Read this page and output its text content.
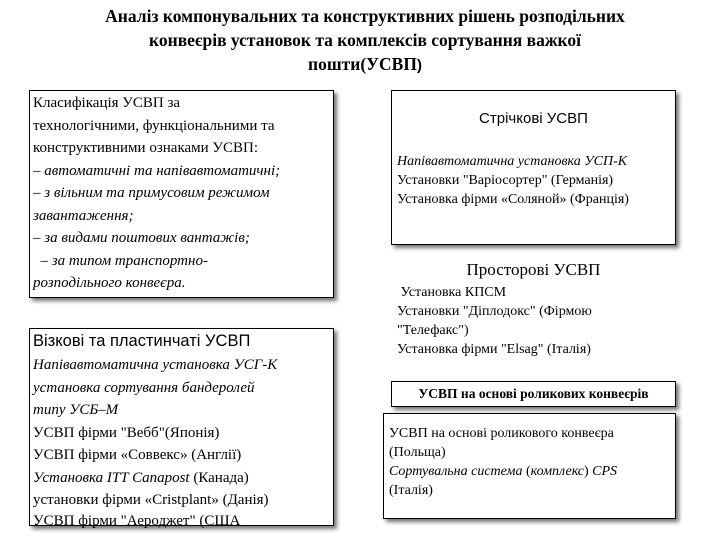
Аналіз компонувальних та конструктивних рішень розподільних
конвеєрів установок та комплексів сортування важкої
пошти(УСВП)
Класифікація УСВП за
технологічними, функціональними та
конструктивними ознаками УСВП:
– автоматичні та напівавтоматичні;
– з вільним та примусовим режимом
завантаження;
– за видами поштових вантажів;
– за типом транспортно-
розподільного конвеєра.
Візкові та пластинчаті УСВП
Напівавтоматична установка УСГ-К
установка сортування бандеролей
типу УСБ–М
УСВП фірми "Вебб"(Японія)
УСВП фірми «Соввекс» (Англії)
Установка ITT Canapost (Канада)
установки фірми «Cristplant» (Данія)
УСВП фірми "Аероджет" (США
Стрічкові УСВП
Напівавтоматична установка УСП-К
Установки "Варіосортер" (Германія)
Установка фірми «Соляной» (Франція)
Просторові УСВП
Установка КПСМ
Установки "Діплодокс" (Фірмою
"Телефакс")
Установка фірми "Elsag" (Італія)
УСВП на основі роликових конвеєрів
УСВП на основі роликового конвеєра
(Польща)
Сортувальна система (комплекс) CPS
(Італія)
